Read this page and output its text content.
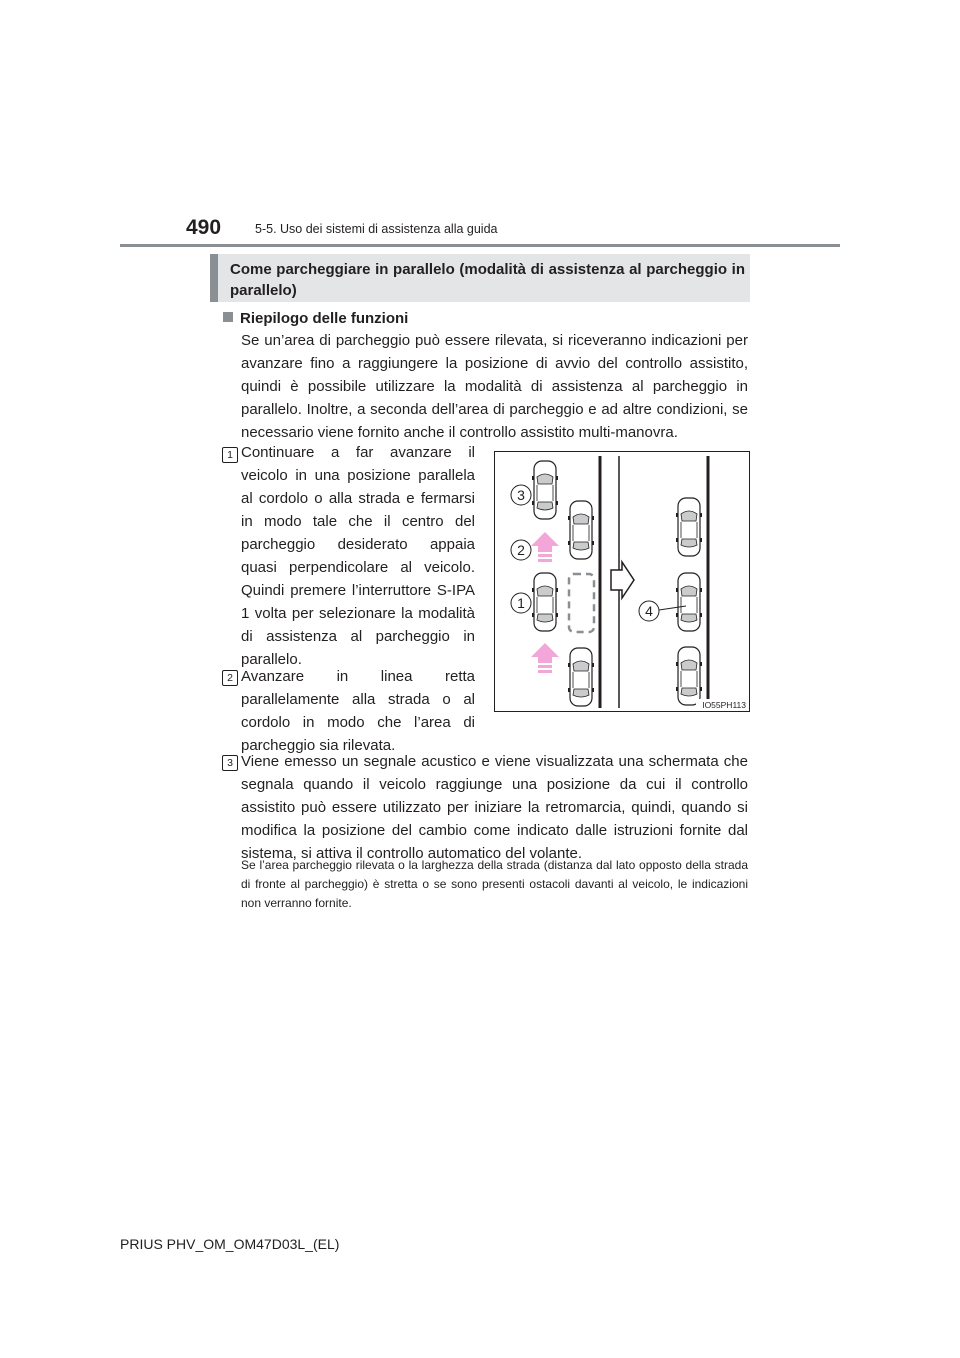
490	5-5. Uso dei sistemi di assistenza alla guida
Come parcheggiare in parallelo (modalità di assistenza al parcheggio in parallelo)
Riepilogo delle funzioni
Se un’area di parcheggio può essere rilevata, si riceveranno indicazioni per avanzare fino a raggiungere la posizione di avvio del controllo assistito, quindi è possibile utilizzare la modalità di assistenza al parcheggio in parallelo. Inoltre, a seconda dell’area di parcheggio e ad altre condizioni, se necessario viene fornito anche il controllo assistito multi-manovra.
1 Continuare a far avanzare il veicolo in una posizione parallela al cordolo o alla strada e fermarsi in modo tale che il centro del parcheggio desiderato appaia quasi perpendicolare al veicolo. Quindi premere l’interruttore S-IPA 1 volta per selezionare la modalità di assistenza al parcheggio in parallelo.
2 Avanzare in linea retta parallelamente alla strada o al cordolo in modo che l’area di parcheggio sia rilevata.
3 Viene emesso un segnale acustico e viene visualizzata una schermata che segnala quando il veicolo raggiunge una posizione da cui il controllo assistito può essere utilizzato per iniziare la retromarcia, quindi, quando si modifica la posizione del cambio come indicato dalle istruzioni fornite dal sistema, si attiva il controllo automatico del volante.
Se l’area parcheggio rilevata o la larghezza della strada (distanza dal lato opposto della strada di fronte al parcheggio) è stretta o se sono presenti ostacoli davanti al veicolo, le indicazioni non verranno fornite.
3
2
1	4
IO55PH113
PRIUS PHV_OM_OM47D03L_(EL)
